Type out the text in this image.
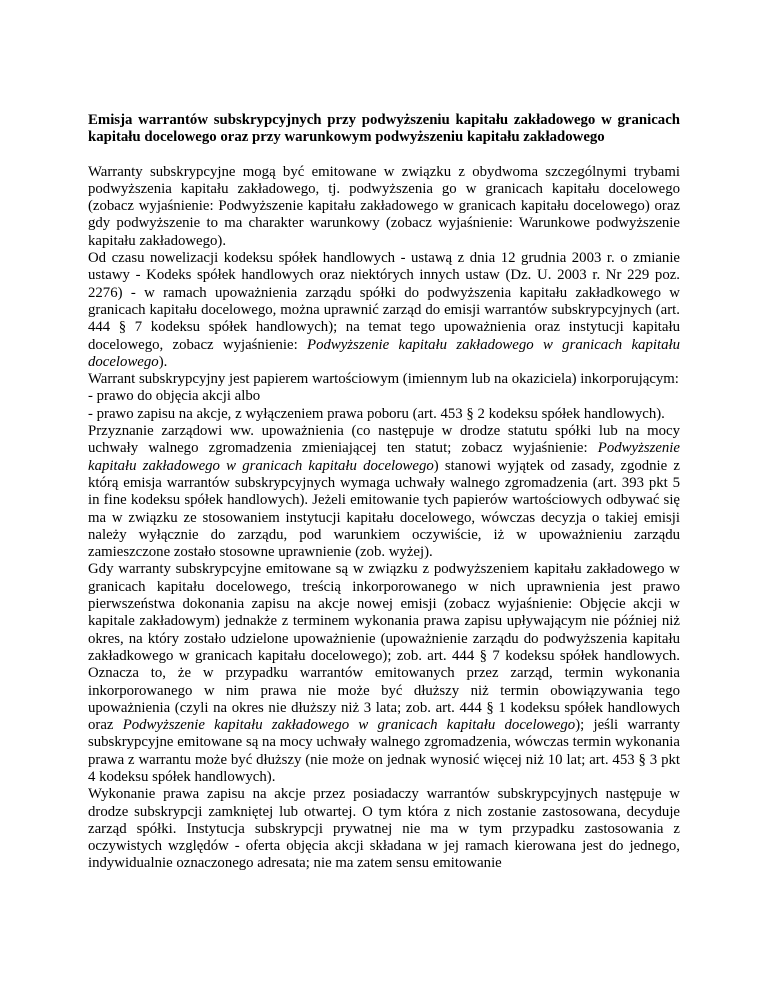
Emisja warrantów subskrypcyjnych przy podwyższeniu kapitału zakładowego w granicach kapitału docelowego oraz przy warunkowym podwyższeniu kapitału zakładowego

Warranty subskrypcyjne mogą być emitowane w związku z obydwoma szczególnymi trybami podwyższenia kapitału zakładowego, tj. podwyższenia go w granicach kapitału docelowego (zobacz wyjaśnienie: Podwyższenie kapitału zakładowego w granicach kapitału docelowego) oraz gdy podwyższenie to ma charakter warunkowy (zobacz wyjaśnienie: Warunkowe podwyższenie kapitału zakładowego).

Od czasu nowelizacji kodeksu spółek handlowych - ustawą z dnia 12 grudnia 2003 r. o zmianie ustawy - Kodeks spółek handlowych oraz niektórych innych ustaw (Dz. U. 2003 r. Nr 229 poz. 2276) - w ramach upoważnienia zarządu spółki do podwyższenia kapitału zakładkowego w granicach kapitału docelowego, można uprawnić zarząd do emisji warrantów subskrypcyjnych (art. 444 § 7 kodeksu spółek handlowych); na temat tego upoważnienia oraz instytucji kapitału docelowego, zobacz wyjaśnienie: Podwyższenie kapitału zakładowego w granicach kapitału docelowego).

Warrant subskrypcyjny jest papierem wartościowym (imiennym lub na okaziciela) inkorporującym:

- prawo do objęcia akcji albo

- prawo zapisu na akcje, z wyłączeniem prawa poboru (art. 453 § 2 kodeksu spółek handlowych).

Przyznanie zarządowi ww. upoważnienia (co następuje w drodze statutu spółki lub na mocy uchwały walnego zgromadzenia zmieniającej ten statut; zobacz wyjaśnienie: Podwyższenie kapitału zakładowego w granicach kapitału docelowego) stanowi wyjątek od zasady, zgodnie z którą emisja warrantów subskrypcyjnych wymaga uchwały walnego zgromadzenia (art. 393 pkt 5 in fine kodeksu spółek handlowych). Jeżeli emitowanie tych papierów wartościowych odbywać się ma w związku ze stosowaniem instytucji kapitału docelowego, wówczas decyzja o takiej emisji należy wyłącznie do zarządu, pod warunkiem oczywiście, iż w upoważnieniu zarządu zamieszczone zostało stosowne uprawnienie (zob. wyżej).

Gdy warranty subskrypcyjne emitowane są w związku z podwyższeniem kapitału zakładowego w granicach kapitału docelowego, treścią inkorporowanego w nich uprawnienia jest prawo pierwszeństwa dokonania zapisu na akcje nowej emisji (zobacz wyjaśnienie: Objęcie akcji w kapitale zakładowym) jednakże z terminem wykonania prawa zapisu upływającym nie później niż okres, na który zostało udzielone upoważnienie (upoważnienie zarządu do podwyższenia kapitału zakładkowego w granicach kapitału docelowego); zob. art. 444 § 7 kodeksu spółek handlowych. Oznacza to, że w przypadku warrantów emitowanych przez zarząd, termin wykonania inkorporowanego w nim prawa nie może być dłuższy niż termin obowiązywania tego upoważnienia (czyli na okres nie dłuższy niż 3 lata; zob. art. 444 § 1 kodeksu spółek handlowych oraz Podwyższenie kapitału zakładowego w granicach kapitału docelowego); jeśli warranty subskrypcyjne emitowane są na mocy uchwały walnego zgromadzenia, wówczas termin wykonania prawa z warrantu może być dłuższy (nie może on jednak wynosić więcej niż 10 lat; art. 453 § 3 pkt 4 kodeksu spółek handlowych).

Wykonanie prawa zapisu na akcje przez posiadaczy warrantów subskrypcyjnych następuje w drodze subskrypcji zamkniętej lub otwartej. O tym która z nich zostanie zastosowana, decyduje zarząd spółki. Instytucja subskrypcji prywatnej nie ma w tym przypadku zastosowania z oczywistych względów - oferta objęcia akcji składana w jej ramach kierowana jest do jednego, indywidualnie oznaczonego adresata; nie ma zatem sensu emitowanie
